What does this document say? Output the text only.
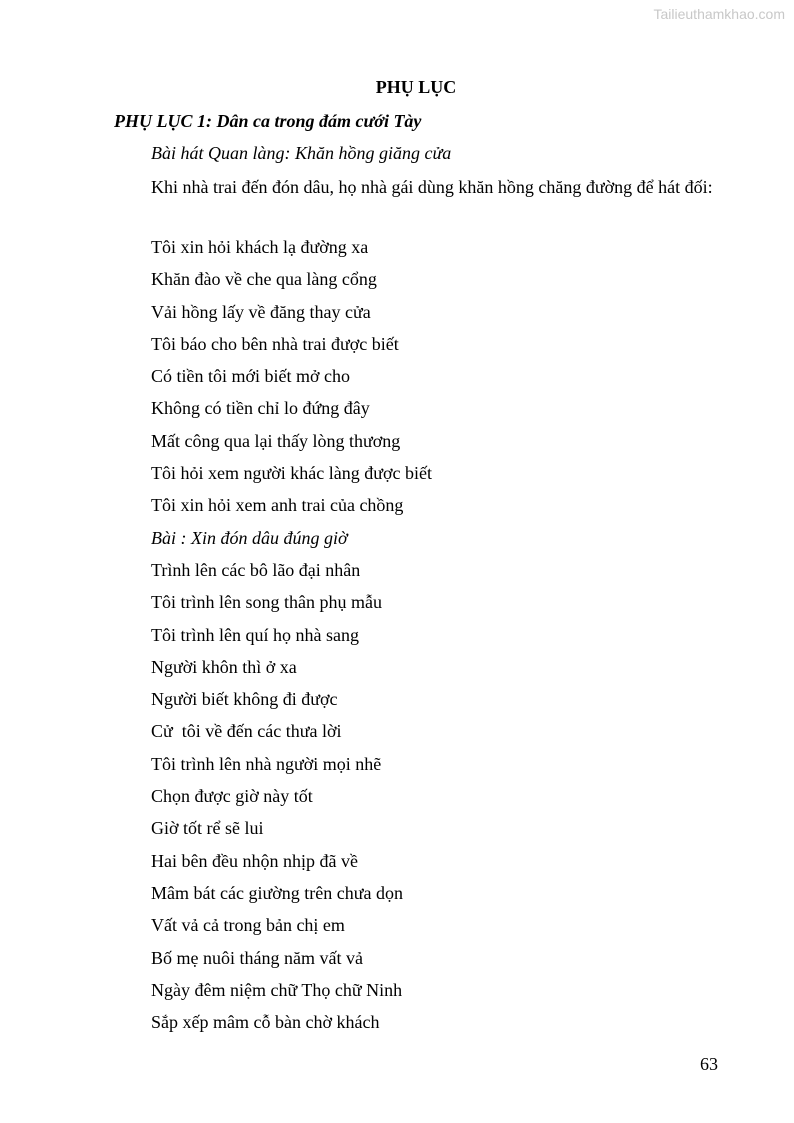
Tailieuthamkhao.com
PHỤ LỤC
PHỤ LỤC 1: Dân ca trong đám cưới Tày
Bài hát Quan làng: Khăn hồng giăng cửa
Khi nhà trai đến đón dâu, họ nhà gái dùng khăn hồng chăng đường để hát đối:
Tôi xin hỏi khách lạ đường xa
Khăn đào về che qua làng cổng
Vải hồng lấy về đăng thay cửa
Tôi báo cho bên nhà trai được biết
Có tiền tôi mới biết mở cho
Không có tiền chỉ lo đứng đây
Mất công qua lại thấy lòng thương
Tôi hỏi xem người khác làng được biết
Tôi xin hỏi xem anh trai của chồng
Bài : Xin đón dâu đúng giờ
Trình lên các bô lão đại nhân
Tôi trình lên song thân phụ mẫu
Tôi trình lên quí họ nhà sang
Người khôn thì ở xa
Người biết không đi được
Cử  tôi về đến các thưa lời
Tôi trình lên nhà người mọi nhẽ
Chọn được giờ này tốt
Giờ tốt rể sẽ lui
Hai bên đều nhộn nhịp đã về
Mâm bát các giường trên chưa dọn
Vất vả cả trong bản chị em
Bố mẹ nuôi tháng năm vất vả
Ngày đêm niệm chữ Thọ chữ Ninh
Sắp xếp mâm cỗ bàn chờ khách
63
